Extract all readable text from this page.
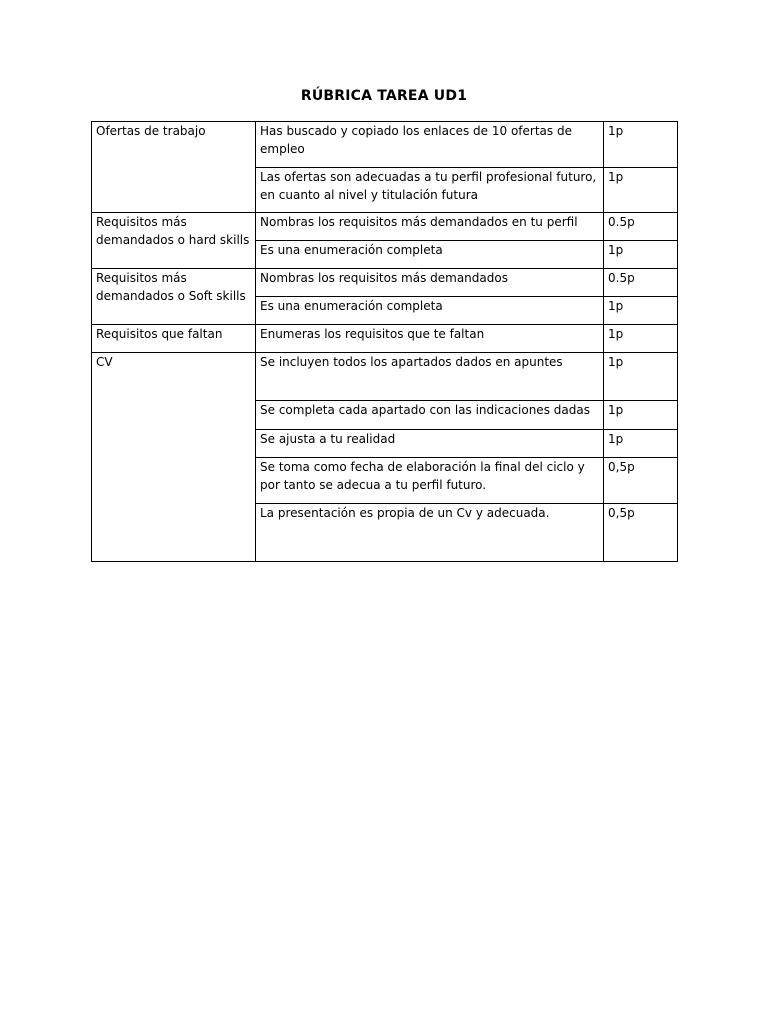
RÚBRICA TAREA UD1
Ofertas de trabajo	Has buscado y copiado los enlaces de 10 ofertas de empleo	1p
	Las ofertas son adecuadas a tu perfil profesional futuro, en cuanto al nivel y titulación futura	1p
Requisitos más demandados o hard skills	Nombras los requisitos más demandados en tu perfil	0.5p
	Es una enumeración completa	1p
Requisitos más demandados o Soft skills	Nombras los requisitos más demandados	0.5p
	Es una enumeración completa	1p
Requisitos que faltan	Enumeras los requisitos que te faltan	1p
CV	Se incluyen todos los apartados dados en apuntes	1p
	Se completa cada apartado con las indicaciones dadas	1p
	Se ajusta a tu realidad	1p
	Se toma como fecha de elaboración la final del ciclo y por tanto se adecua a tu perfil futuro.	0,5p
	La presentación es propia de un Cv y adecuada.	0,5p
